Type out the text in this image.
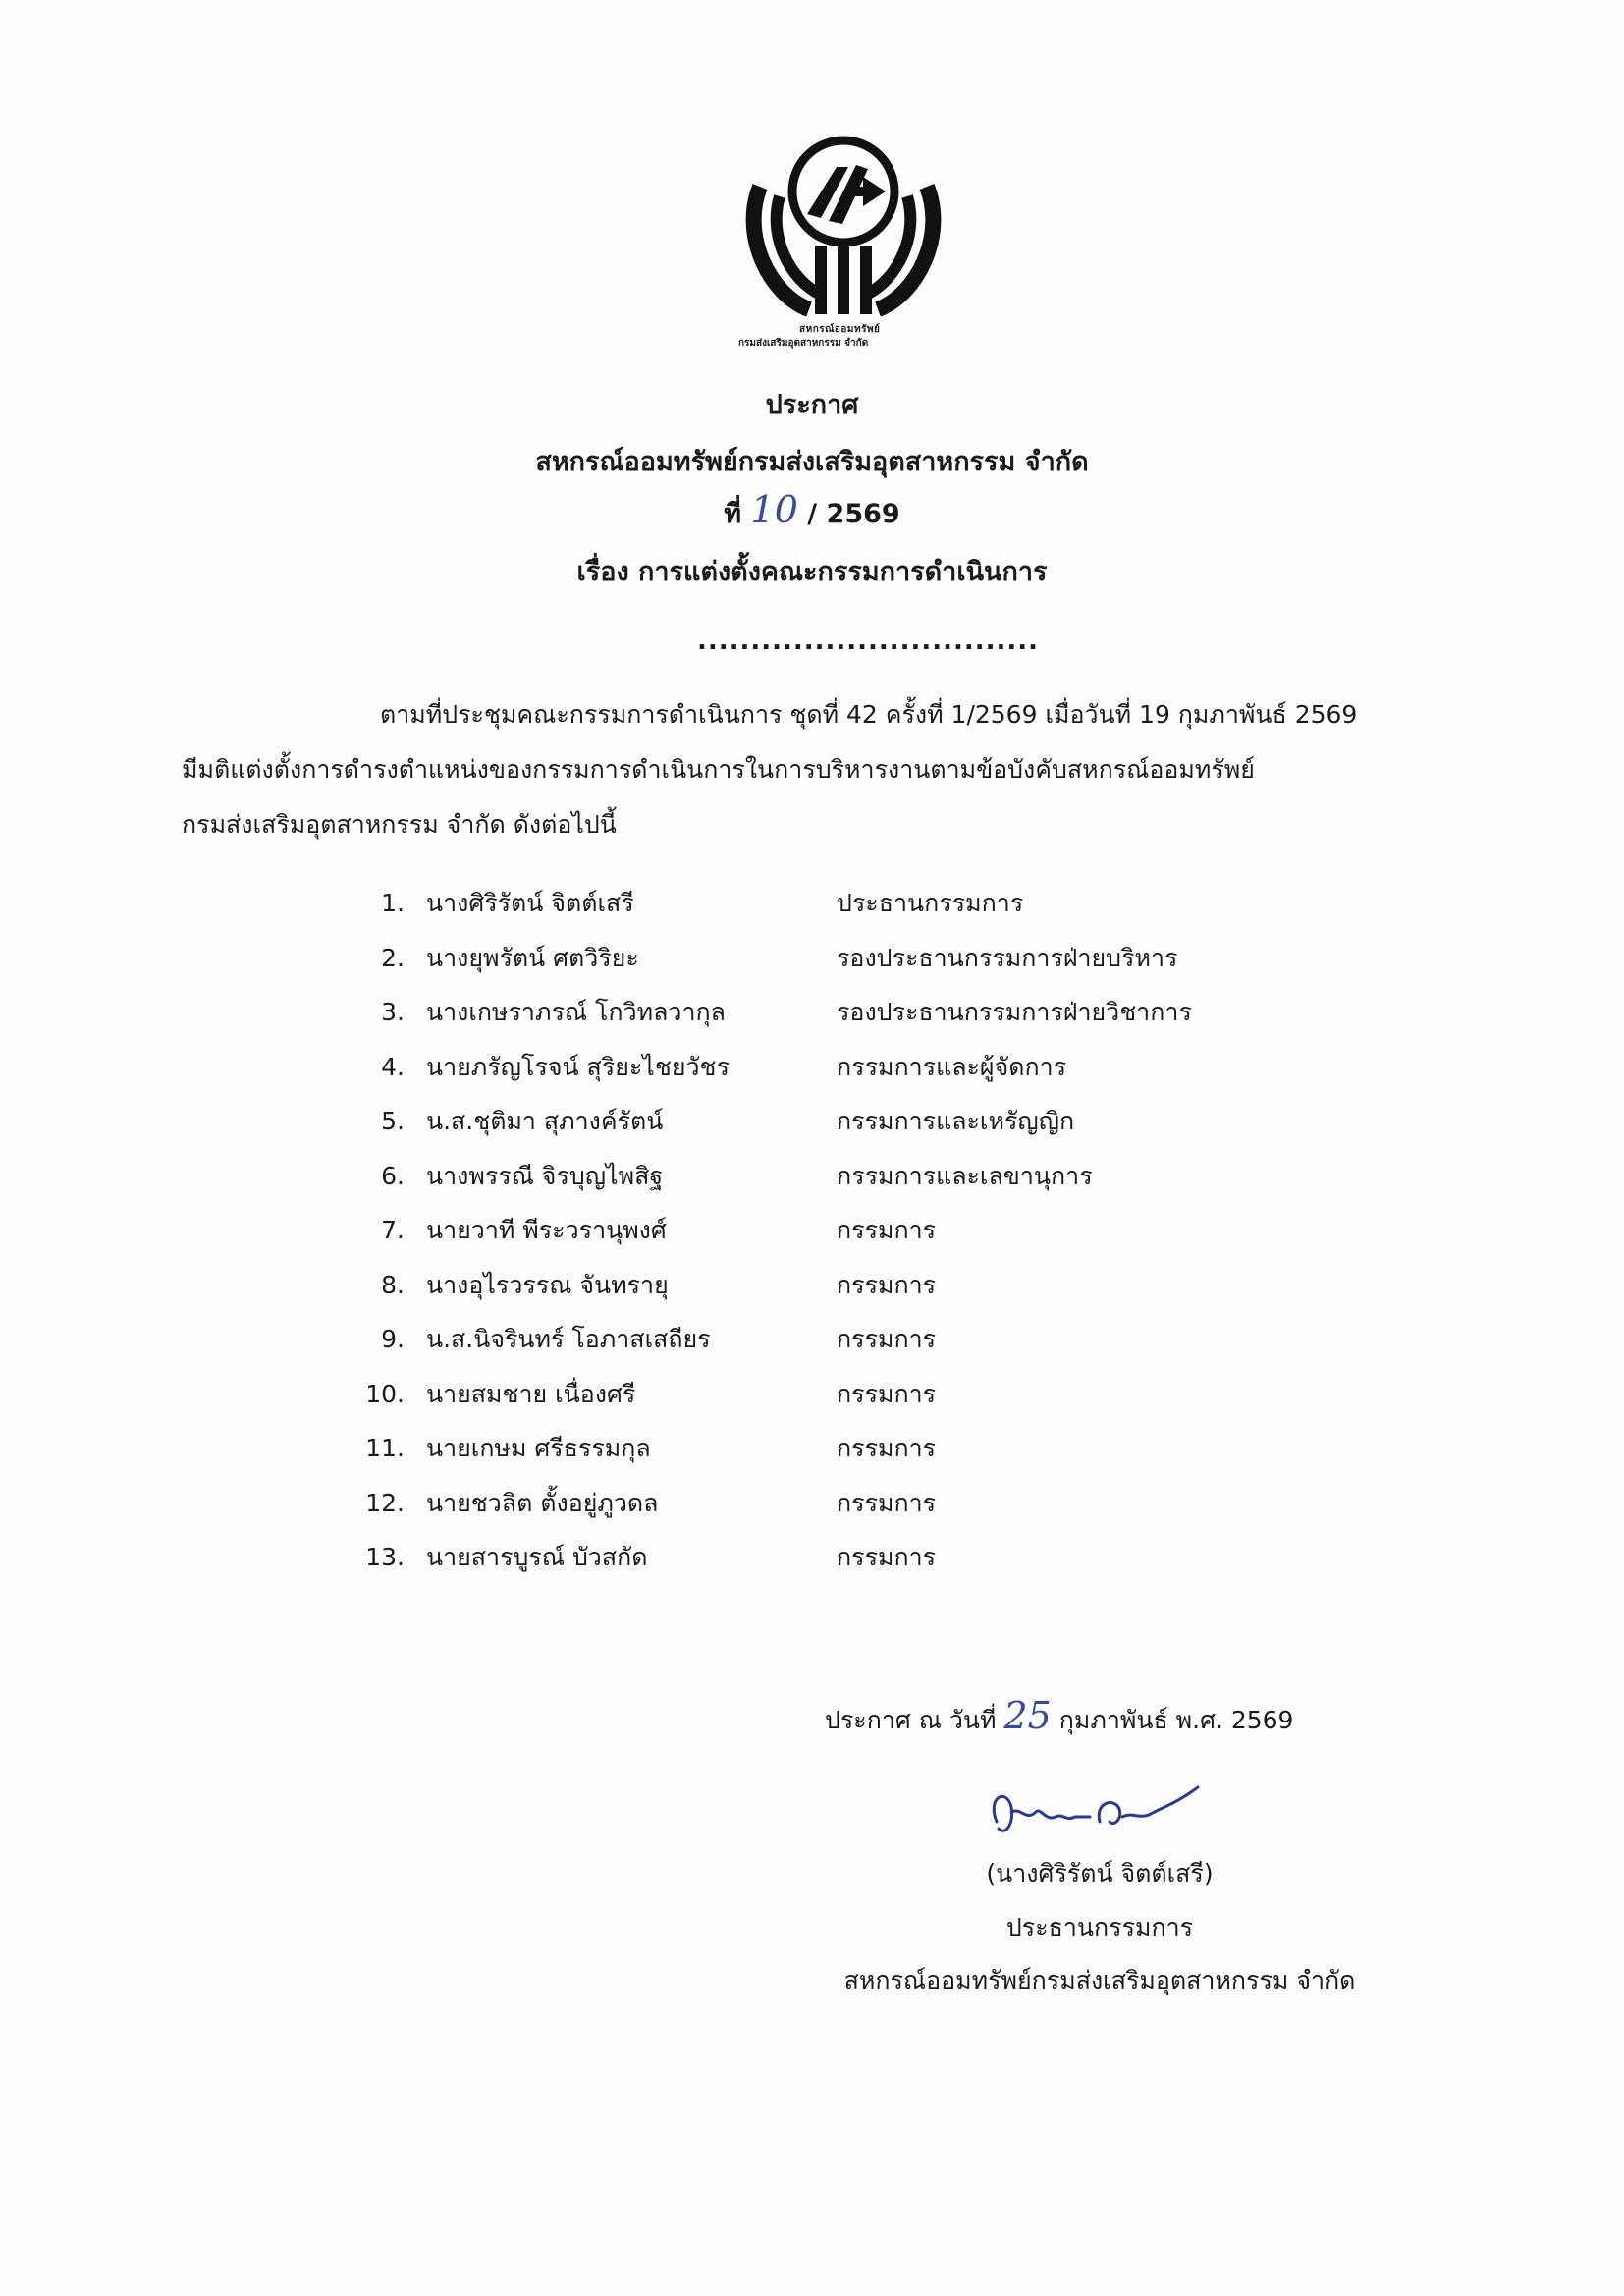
สหกรณ์ออมทรัพย์
กรมส่งเสริมอุตสาหกรรม จำกัด
ประกาศ
สหกรณ์ออมทรัพย์กรมส่งเสริมอุตสาหกรรม จำกัด
ที่ 10 / 2569
เรื่อง การแต่งตั้งคณะกรรมการดำเนินการ
................................
ตามที่ประชุมคณะกรรมการดำเนินการ ชุดที่ 42 ครั้งที่ 1/2569 เมื่อวันที่ 19 กุมภาพันธ์ 2569
มีมติแต่งตั้งการดำรงตำแหน่งของกรรมการดำเนินการในการบริหารงานตามข้อบังคับสหกรณ์ออมทรัพย์
กรมส่งเสริมอุตสาหกรรม จำกัด ดังต่อไปนี้
1. นางศิริรัตน์ จิตต์เสรี	ประธานกรรมการ
2. นางยุพรัตน์ ศตวิริยะ	รองประธานกรรมการฝ่ายบริหาร
3. นางเกษราภรณ์ โกวิทลวากุล	รองประธานกรรมการฝ่ายวิชาการ
4. นายภรัญโรจน์ สุริยะไชยวัชร	กรรมการและผู้จัดการ
5. น.ส.ชุติมา สุภางค์รัตน์	กรรมการและเหรัญญิก
6. นางพรรณี จิรบุญไพสิฐ	กรรมการและเลขานุการ
7. นายวาที พีระวรานุพงศ์	กรรมการ
8. นางอุไรวรรณ จันทรายุ	กรรมการ
9. น.ส.นิจรินทร์ โอภาสเสถียร	กรรมการ
10. นายสมชาย เนื่องศรี	กรรมการ
11. นายเกษม ศรีธรรมกุล	กรรมการ
12. นายชวลิต ตั้งอยู่ภูวดล	กรรมการ
13. นายสารบูรณ์ บัวสกัด	กรรมการ
ประกาศ ณ วันที่ 25 กุมภาพันธ์ พ.ศ. 2569
(นางศิริรัตน์ จิตต์เสรี)
ประธานกรรมการ
สหกรณ์ออมทรัพย์กรมส่งเสริมอุตสาหกรรม จำกัด
